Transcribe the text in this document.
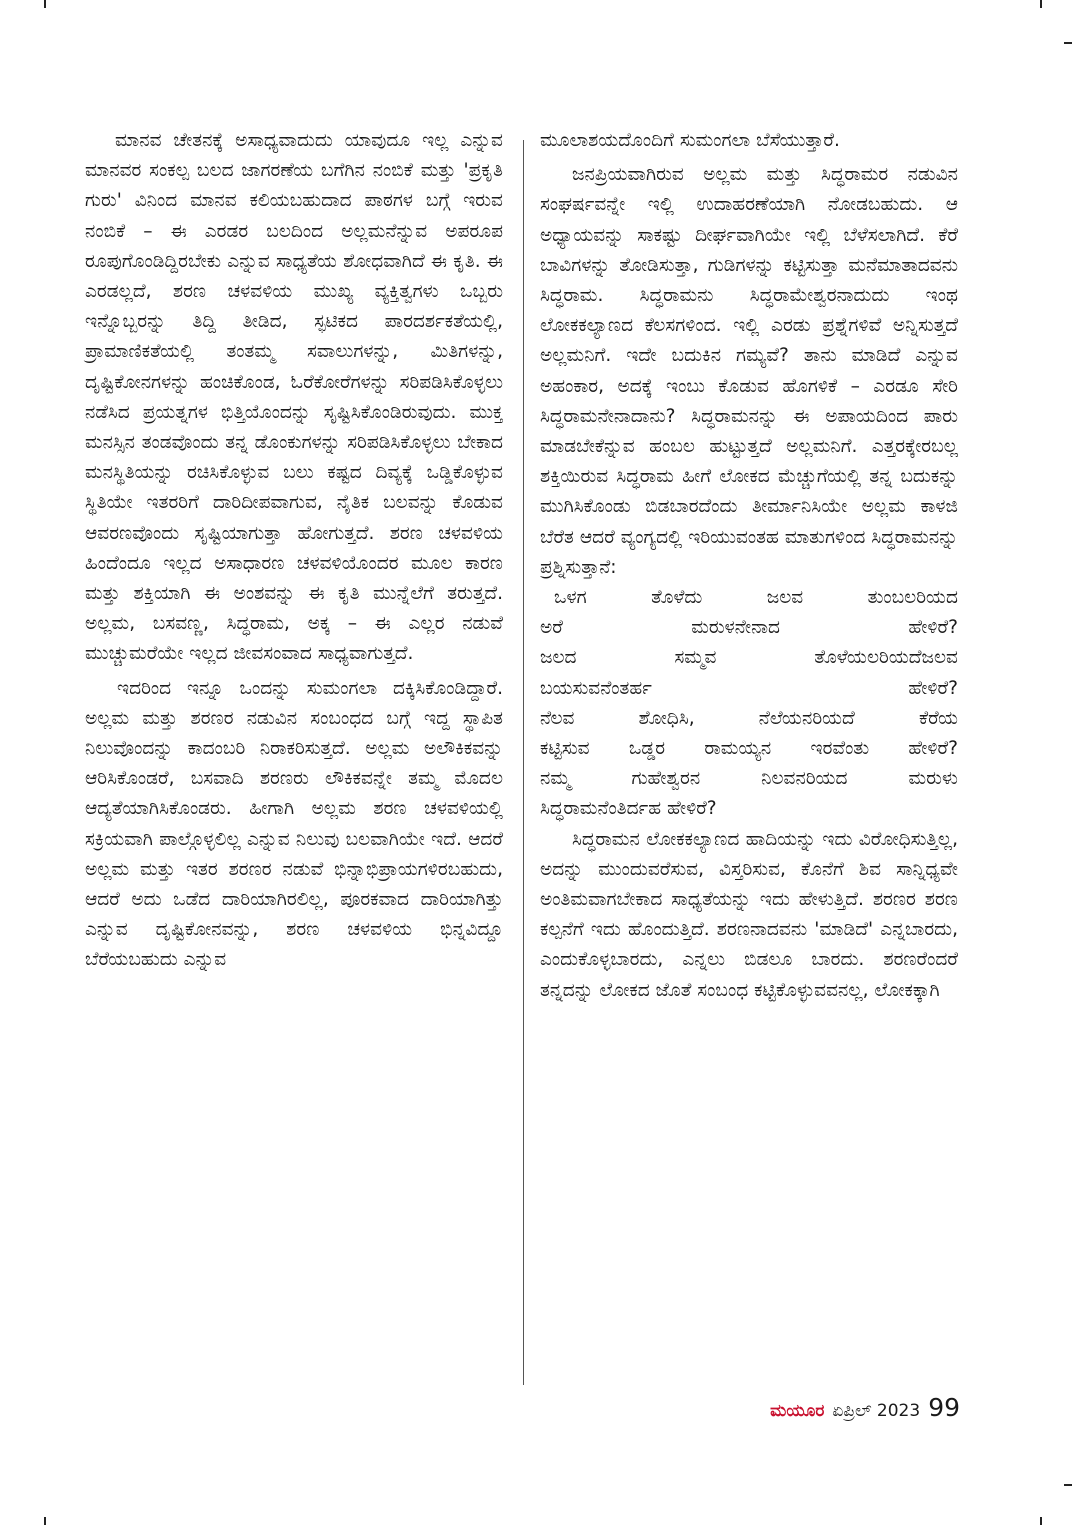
ಮಾನವ ಚೇತನಕ್ಕೆ ಅಸಾಧ್ಯವಾದುದು ಯಾವುದೂ ಇಲ್ಲ ಎನ್ನುವ ಮಾನವರ ಸಂಕಲ್ಪ ಬಲದ ಜಾಗರಣೆಯ ಬಗೆಗಿನ ನಂಬಿಕೆ ಮತ್ತು 'ಪ್ರಕೃತಿ ಗುರು' ವಿನಿಂದ ಮಾನವ ಕಲಿಯಬಹುದಾದ ಪಾಠಗಳ ಬಗ್ಗೆ ಇರುವ ನಂಬಿಕೆ – ಈ ಎರಡರ ಬಲದಿಂದ ಅಲ್ಲಮನೆನ್ನುವ ಅಪರೂಪ ರೂಪುಗೊಂಡಿದ್ದಿರಬೇಕು ಎನ್ನುವ ಸಾಧ್ಯತೆಯ ಶೋಧವಾಗಿದೆ ಈ ಕೃತಿ. ಈ ಎರಡಲ್ಲದೆ, ಶರಣ ಚಳವಳಿಯ ಮುಖ್ಯ ವ್ಯಕ್ತಿತ್ವಗಳು ಒಬ್ಬರು ಇನ್ನೊಬ್ಬರನ್ನು ತಿದ್ದಿ ತೀಡಿದ, ಸ್ಫಟಿಕದ ಪಾರದರ್ಶಕತೆಯಲ್ಲಿ, ಪ್ರಾಮಾಣಿಕತೆಯಲ್ಲಿ ತಂತಮ್ಮ ಸವಾಲುಗಳನ್ನು, ಮಿತಿಗಳನ್ನು, ದೃಷ್ಟಿಕೋನಗಳನ್ನು ಹಂಚಿಕೊಂಡ, ಓರೆಕೋರೆಗಳನ್ನು ಸರಿಪಡಿಸಿಕೊಳ್ಳಲು ನಡೆಸಿದ ಪ್ರಯತ್ನಗಳ ಭಿತ್ತಿಯೊಂದನ್ನು ಸೃಷ್ಟಿಸಿಕೊಂಡಿರುವುದು. ಮುಕ್ತ ಮನಸ್ಸಿನ ತಂಡವೊಂದು ತನ್ನ ಡೊಂಕುಗಳನ್ನು ಸರಿಪಡಿಸಿಕೊಳ್ಳಲು ಬೇಕಾದ ಮನಸ್ಥಿತಿಯನ್ನು ರಚಿಸಿಕೊಳ್ಳುವ ಬಲು ಕಷ್ಟದ ದಿವ್ಯಕ್ಕೆ ಒಡ್ಡಿಕೊಳ್ಳುವ ಸ್ಥಿತಿಯೇ ಇತರರಿಗೆ ದಾರಿದೀಪವಾಗುವ, ನೈತಿಕ ಬಲವನ್ನು ಕೊಡುವ ಆವರಣವೊಂದು ಸೃಷ್ಟಿಯಾಗುತ್ತಾ ಹೋಗುತ್ತದೆ. ಶರಣ ಚಳವಳಿಯ ಹಿಂದೆಂದೂ ಇಲ್ಲದ ಅಸಾಧಾರಣ ಚಳವಳಿಯೊಂದರ ಮೂಲ ಕಾರಣ ಮತ್ತು ಶಕ್ತಿಯಾಗಿ ಈ ಅಂಶವನ್ನು ಈ ಕೃತಿ ಮುನ್ನೆಲೆಗೆ ತರುತ್ತದೆ. ಅಲ್ಲಮ, ಬಸವಣ್ಣ, ಸಿದ್ಧರಾಮ, ಅಕ್ಕ – ಈ ಎಲ್ಲರ ನಡುವೆ ಮುಚ್ಚುಮರೆಯೇ ಇಲ್ಲದ ಜೀವಸಂವಾದ ಸಾಧ್ಯವಾಗುತ್ತದೆ.

ಇದರಿಂದ ಇನ್ನೂ ಒಂದನ್ನು ಸುಮಂಗಲಾ ದಕ್ಕಿಸಿಕೊಂಡಿದ್ದಾರೆ. ಅಲ್ಲಮ ಮತ್ತು ಶರಣರ ನಡುವಿನ ಸಂಬಂಧದ ಬಗ್ಗೆ ಇದ್ದ ಸ್ಥಾಪಿತ ನಿಲುವೊಂದನ್ನು ಕಾದಂಬರಿ ನಿರಾಕರಿಸುತ್ತದೆ. ಅಲ್ಲಮ ಅಲೌಕಿಕವನ್ನು ಆರಿಸಿಕೊಂಡರೆ, ಬಸವಾದಿ ಶರಣರು ಲೌಕಿಕವನ್ನೇ ತಮ್ಮ ಮೊದಲ ಆದ್ಯತೆಯಾಗಿಸಿಕೊಂಡರು. ಹೀಗಾಗಿ ಅಲ್ಲಮ ಶರಣ ಚಳವಳಿಯಲ್ಲಿ ಸಕ್ರಿಯವಾಗಿ ಪಾಲ್ಗೊಳ್ಳಲಿಲ್ಲ ಎನ್ನುವ ನಿಲುವು ಬಲವಾಗಿಯೇ ಇದೆ. ಆದರೆ ಅಲ್ಲಮ ಮತ್ತು ಇತರ ಶರಣರ ನಡುವೆ ಭಿನ್ನಾಭಿಪ್ರಾಯಗಳಿರಬಹುದು, ಆದರೆ ಅದು ಒಡೆದ ದಾರಿಯಾಗಿರಲಿಲ್ಲ, ಪೂರಕವಾದ ದಾರಿಯಾಗಿತ್ತು ಎನ್ನುವ ದೃಷ್ಟಿಕೋನವನ್ನು, ಶರಣ ಚಳವಳಿಯ ಭಿನ್ನವಿದ್ದೂ ಬೆರೆಯಬಹುದು ಎನ್ನುವ

ಮೂಲಾಶಯದೊಂದಿಗೆ ಸುಮಂಗಲಾ ಬೆಸೆಯುತ್ತಾರೆ.

ಜನಪ್ರಿಯವಾಗಿರುವ ಅಲ್ಲಮ ಮತ್ತು ಸಿದ್ಧರಾಮರ ನಡುವಿನ ಸಂಘರ್ಷವನ್ನೇ ಇಲ್ಲಿ ಉದಾಹರಣೆಯಾಗಿ ನೋಡಬಹುದು. ಆ ಅಧ್ಯಾಯವನ್ನು ಸಾಕಷ್ಟು ದೀರ್ಘವಾಗಿಯೇ ಇಲ್ಲಿ ಬೆಳೆಸಲಾಗಿದೆ. ಕೆರೆ ಬಾವಿಗಳನ್ನು ತೋಡಿಸುತ್ತಾ, ಗುಡಿಗಳನ್ನು ಕಟ್ಟಿಸುತ್ತಾ ಮನೆಮಾತಾದವನು ಸಿದ್ಧರಾಮ. ಸಿದ್ಧರಾಮನು ಸಿದ್ಧರಾಮೇಶ್ವರನಾದುದು ಇಂಥ ಲೋಕಕಲ್ಯಾಣದ ಕೆಲಸಗಳಿಂದ. ಇಲ್ಲಿ ಎರಡು ಪ್ರಶ್ನೆಗಳಿವೆ ಅನ್ನಿಸುತ್ತದೆ ಅಲ್ಲಮನಿಗೆ. ಇದೇ ಬದುಕಿನ ಗಮ್ಯವೆ? ತಾನು ಮಾಡಿದೆ ಎನ್ನುವ ಅಹಂಕಾರ, ಅದಕ್ಕೆ ಇಂಬು ಕೊಡುವ ಹೊಗಳಿಕೆ – ಎರಡೂ ಸೇರಿ ಸಿದ್ಧರಾಮನೇನಾದಾನು? ಸಿದ್ಧರಾಮನನ್ನು ಈ ಅಪಾಯದಿಂದ ಪಾರು ಮಾಡಬೇಕೆನ್ನುವ ಹಂಬಲ ಹುಟ್ಟುತ್ತದೆ ಅಲ್ಲಮನಿಗೆ. ಎತ್ತರಕ್ಕೇರಬಲ್ಲ ಶಕ್ತಿಯಿರುವ ಸಿದ್ಧರಾಮ ಹೀಗೆ ಲೋಕದ ಮೆಚ್ಚುಗೆಯಲ್ಲಿ ತನ್ನ ಬದುಕನ್ನು ಮುಗಿಸಿಕೊಂಡು ಬಿಡಬಾರದೆಂದು ತೀರ್ಮಾನಿಸಿಯೇ ಅಲ್ಲಮ ಕಾಳಜಿ ಬೆರೆತ ಆದರೆ ವ್ಯಂಗ್ಯದಲ್ಲಿ ಇರಿಯುವಂತಹ ಮಾತುಗಳಿಂದ ಸಿದ್ಧರಾಮನನ್ನು ಪ್ರಶ್ನಿಸುತ್ತಾನೆ:

ಒಳಗ	ತೊಳೆದು	ಜಲವ	ತುಂಬಲರಿಯದ
ಅರೆ	ಮರುಳನೇನಾದ	ಹೇಳಿರೆ?
ಜಲದ	ಸಮ್ಮವ	ತೊಳೆಯಲರಿಯದೆಜಲವ
ಬಯಸುವನೆಂತರ್ಹ	ಹೇಳಿರೆ?
ನೆಲವ	ಶೋಧಿಸಿ,	ನೆಲೆಯನರಿಯದೆ	ಕೆರೆಯ
ಕಟ್ಟಿಸುವ ಒಡ್ಡರ ರಾಮಯ್ಯನ ಇರವೆಂತು ಹೇಳಿರೆ?
ನಮ್ಮ	ಗುಹೇಶ್ವರನ	ನಿಲವನರಿಯದ	ಮರುಳು
ಸಿದ್ಧರಾಮನೆಂತಿರ್ದಹ ಹೇಳಿರೆ?

ಸಿದ್ಧರಾಮನ ಲೋಕಕಲ್ಯಾಣದ ಹಾದಿಯನ್ನು ಇದು ವಿರೋಧಿಸುತ್ತಿಲ್ಲ, ಅದನ್ನು ಮುಂದುವರೆಸುವ, ವಿಸ್ತರಿಸುವ, ಕೊನೆಗೆ ಶಿವ ಸಾನ್ನಿಧ್ಯವೇ ಅಂತಿಮವಾಗಬೇಕಾದ ಸಾಧ್ಯತೆಯನ್ನು ಇದು ಹೇಳುತ್ತಿದೆ. ಶರಣರ ಶರಣ ಕಲ್ಪನೆಗೆ ಇದು ಹೊಂದುತ್ತಿದೆ. ಶರಣನಾದವನು 'ಮಾಡಿದೆ' ಎನ್ನಬಾರದು, ಎಂದುಕೊಳ್ಳಬಾರದು, ಎನ್ನಲು ಬಿಡಲೂ ಬಾರದು. ಶರಣರೆಂದರೆ ತನ್ನದನ್ನು ಲೋಕದ ಜೊತೆ ಸಂಬಂಧ ಕಟ್ಟಿಕೊಳ್ಳುವವನಲ್ಲ, ಲೋಕಕ್ಕಾಗಿ

ಮಯೂರ ಏಪ್ರಿಲ್ 2023 99
